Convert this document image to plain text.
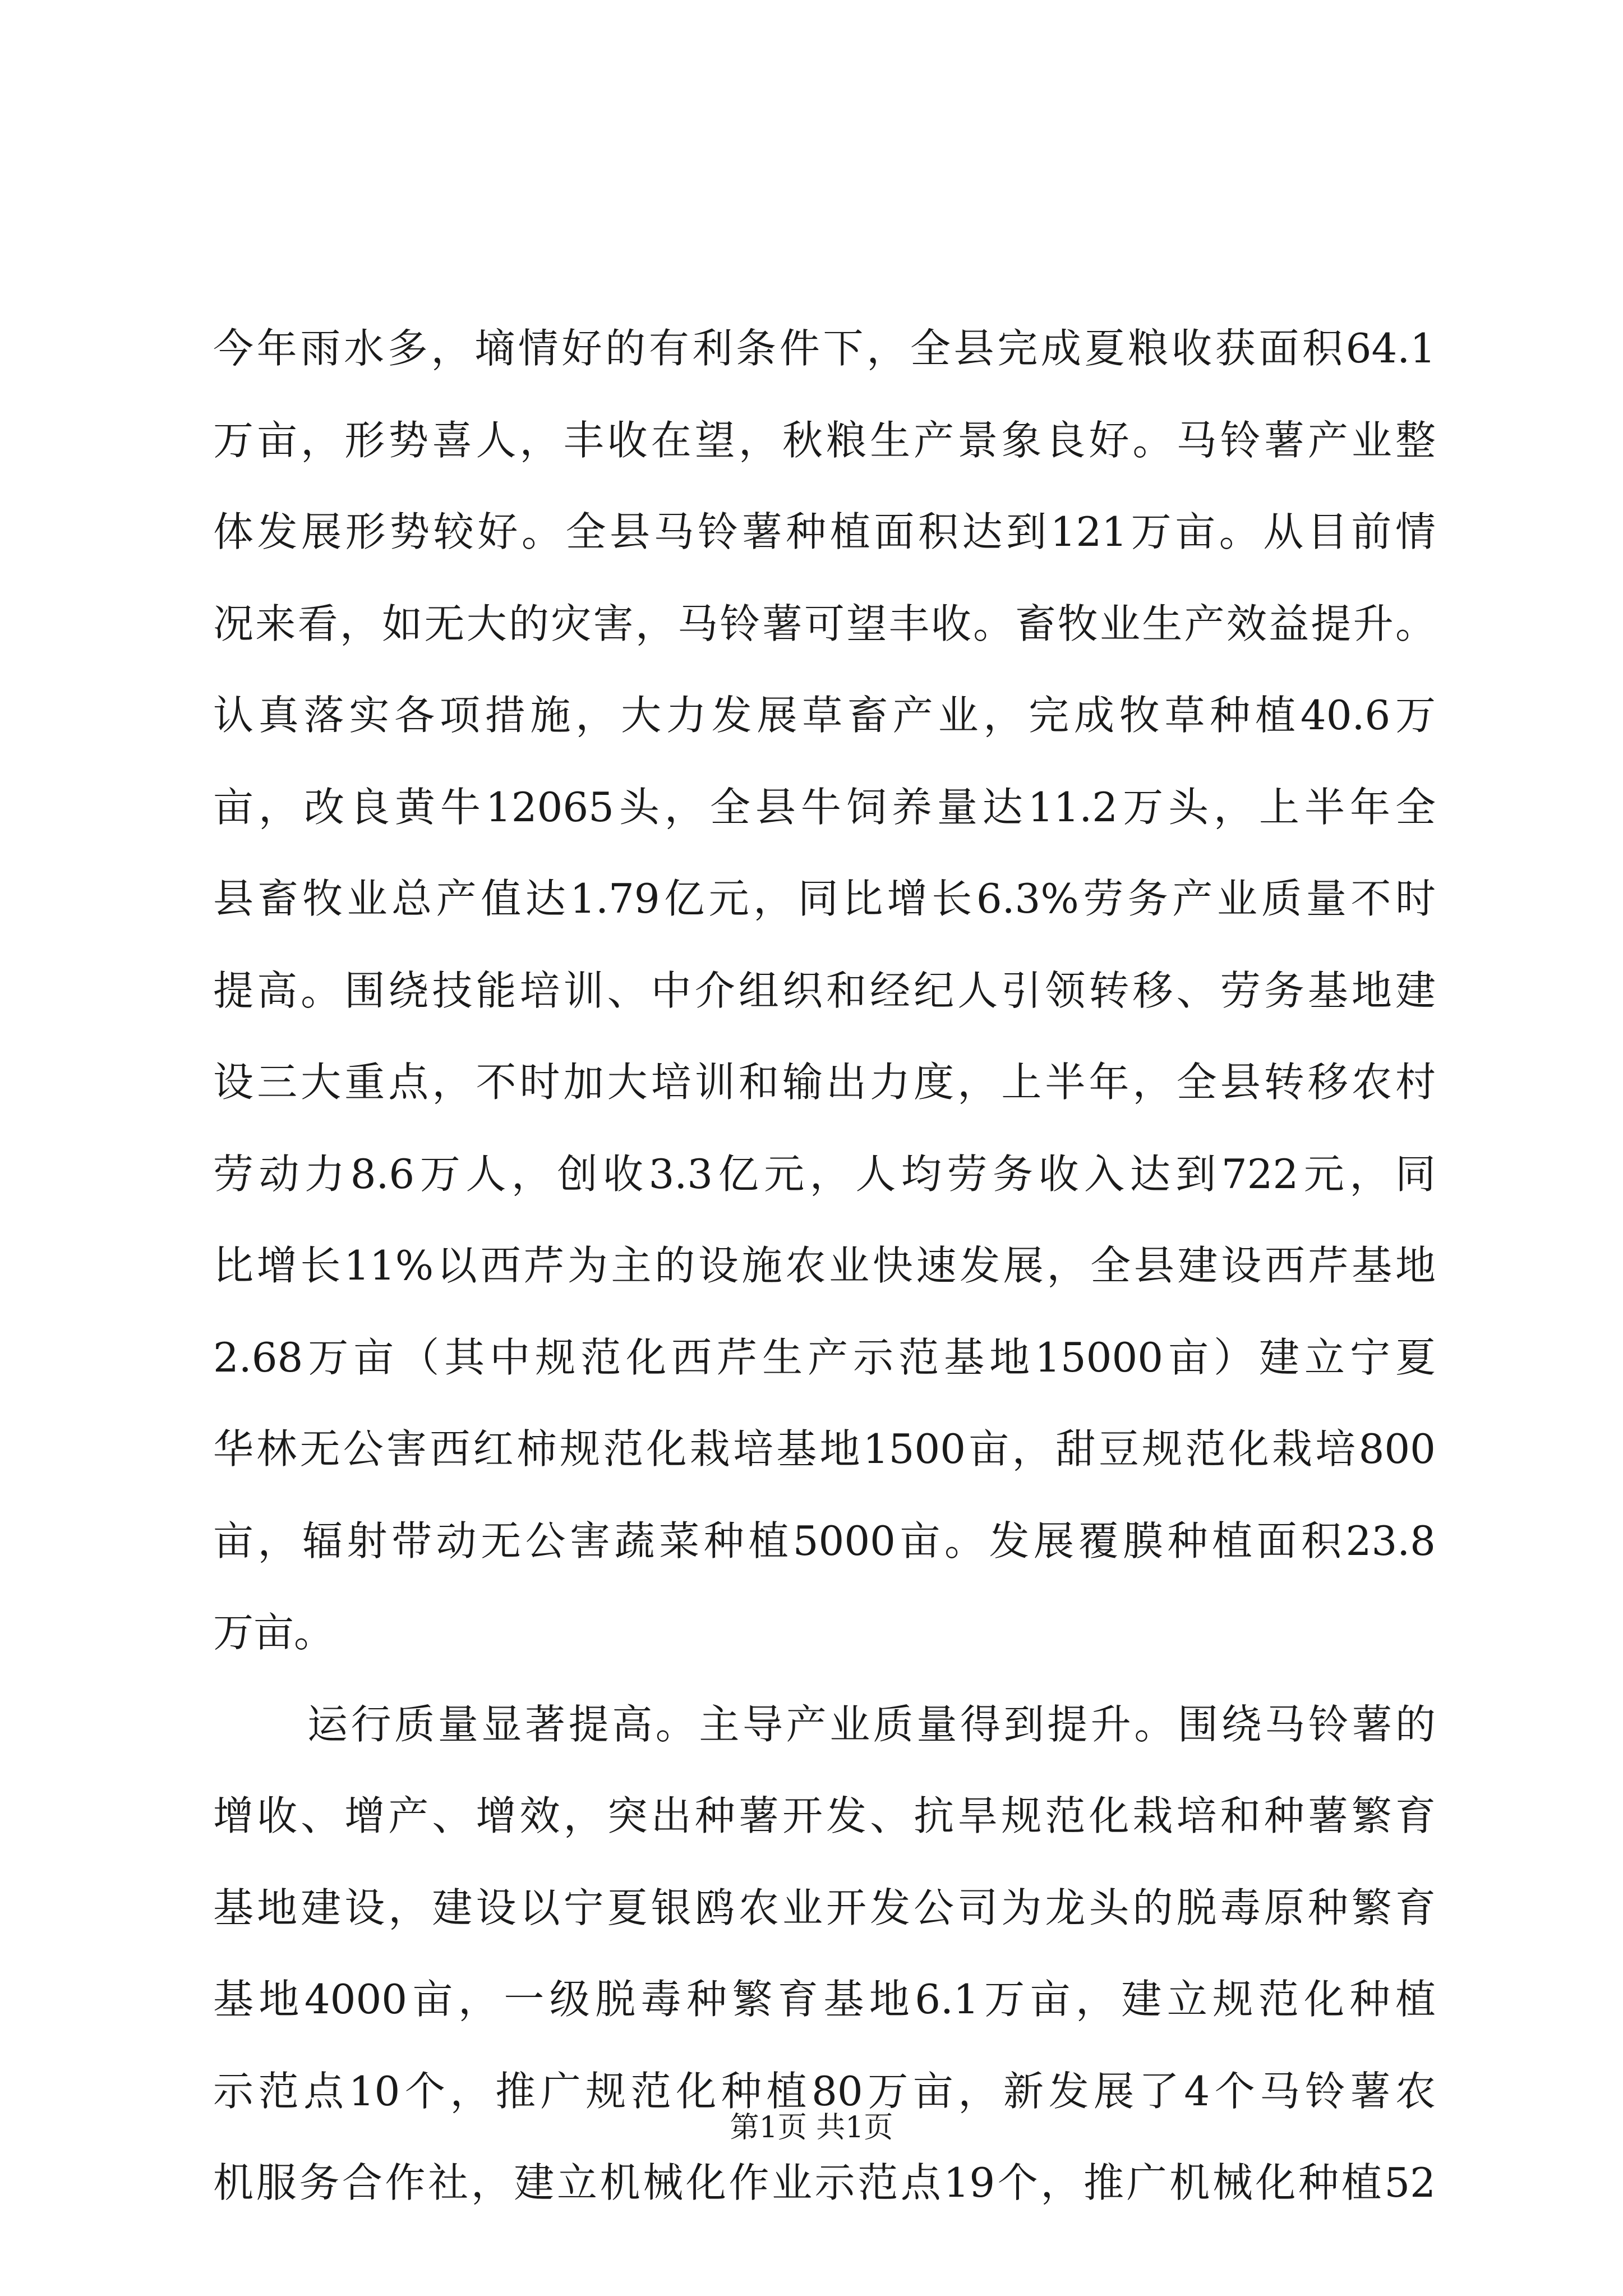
今年雨水多，墒情好的有利条件下，全县完成夏粮收获面积64.1
万亩，形势喜人，丰收在望，秋粮生产景象良好。马铃薯产业整
体发展形势较好。全县马铃薯种植面积达到121万亩。从目前情
况来看，如无大的灾害，马铃薯可望丰收。畜牧业生产效益提升。
认真落实各项措施，大力发展草畜产业，完成牧草种植40.6万
亩，改良黄牛12065头，全县牛饲养量达11.2万头，上半年全
县畜牧业总产值达1.79亿元，同比增长6.3%劳务产业质量不时
提高。围绕技能培训、中介组织和经纪人引领转移、劳务基地建
设三大重点，不时加大培训和输出力度，上半年，全县转移农村
劳动力8.6万人，创收3.3亿元，人均劳务收入达到722元，同
比增长11%以西芹为主的设施农业快速发展，全县建设西芹基地
2.68万亩（其中规范化西芹生产示范基地15000亩）建立宁夏
华林无公害西红柿规范化栽培基地1500亩，甜豆规范化栽培800
亩，辐射带动无公害蔬菜种植5000亩。发展覆膜种植面积23.8
万亩。
运行质量显著提高。主导产业质量得到提升。围绕马铃薯的
增收、增产、增效，突出种薯开发、抗旱规范化栽培和种薯繁育
基地建设，建设以宁夏银鸥农业开发公司为龙头的脱毒原种繁育
基地4000亩，一级脱毒种繁育基地6.1万亩，建立规范化种植
示范点10个，推广规范化种植80万亩，新发展了4个马铃薯农
机服务合作社，建立机械化作业示范点19个，推广机械化种植52
第1页 共1页
